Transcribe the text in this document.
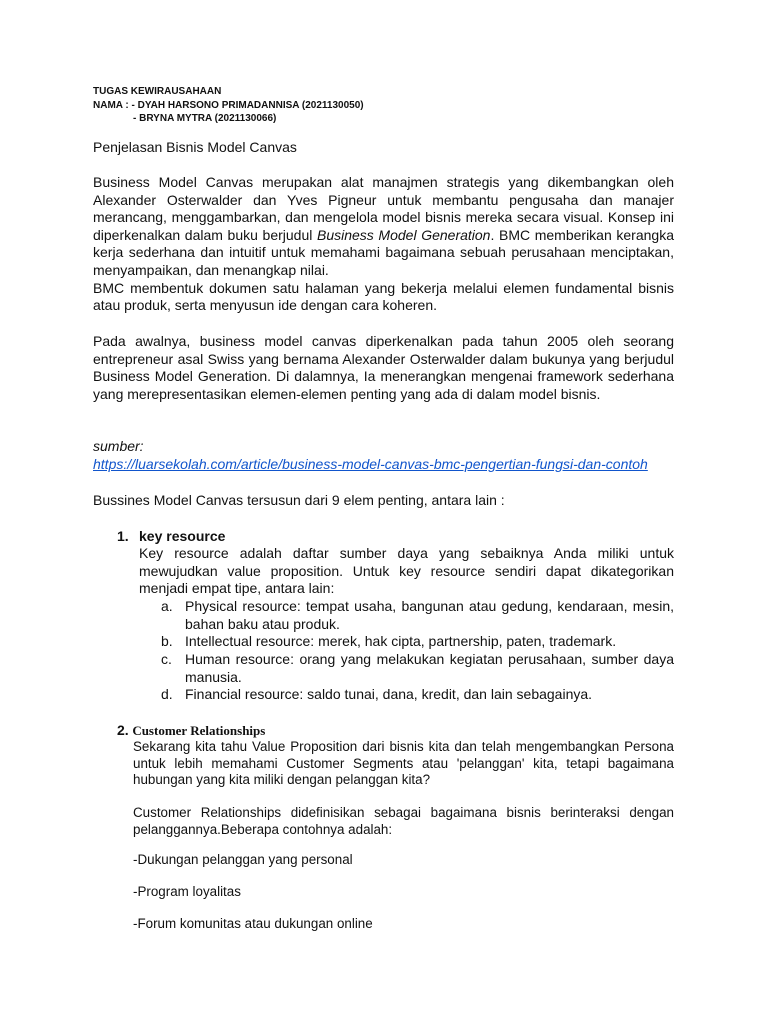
TUGAS KEWIRAUSAHAAN
NAMA : - DYAH HARSONO PRIMADANNISA (2021130050)
- BRYNA MYTRA (2021130066)
Penjelasan Bisnis Model Canvas

Business Model Canvas merupakan alat manajmen strategis yang dikembangkan oleh Alexander Osterwalder dan Yves Pigneur untuk membantu pengusaha dan manajer merancang, menggambarkan, dan mengelola model bisnis mereka secara visual. Konsep ini diperkenalkan dalam buku berjudul Business Model Generation. BMC memberikan kerangka kerja sederhana dan intuitif untuk memahami bagaimana sebuah perusahaan menciptakan, menyampaikan, dan menangkap nilai.
BMC membentuk dokumen satu halaman yang bekerja melalui elemen fundamental bisnis atau produk, serta menyusun ide dengan cara koheren.

Pada awalnya, business model canvas diperkenalkan pada tahun 2005 oleh seorang entrepreneur asal Swiss yang bernama Alexander Osterwalder dalam bukunya yang berjudul Business Model Generation. Di dalamnya, Ia menerangkan mengenai framework sederhana yang merepresentasikan elemen-elemen penting yang ada di dalam model bisnis.

sumber:
https://luarsekolah.com/article/business-model-canvas-bmc-pengertian-fungsi-dan-contoh
Bussines Model Canvas tersusun dari 9 elem penting, antara lain :
1. key resource

Key resource adalah daftar sumber daya yang sebaiknya Anda miliki untuk mewujudkan value proposition. Untuk key resource sendiri dapat dikategorikan menjadi empat tipe, antara lain:

a. Physical resource: tempat usaha, bangunan atau gedung, kendaraan, mesin, bahan baku atau produk.
b. Intellectual resource: merek, hak cipta, partnership, paten, trademark.
c. Human resource: orang yang melakukan kegiatan perusahaan, sumber daya manusia.
d. Financial resource: saldo tunai, dana, kredit, dan lain sebagainya.
2. Customer Relationships

Sekarang kita tahu Value Proposition dari bisnis kita dan telah mengembangkan Persona untuk lebih memahami Customer Segments atau 'pelanggan' kita, tetapi bagaimana hubungan yang kita miliki dengan pelanggan kita?

Customer Relationships didefinisikan sebagai bagaimana bisnis berinteraksi dengan pelanggannya.Beberapa contohnya adalah:

-Dukungan pelanggan yang personal

-Program loyalitas

-Forum komunitas atau dukungan online
